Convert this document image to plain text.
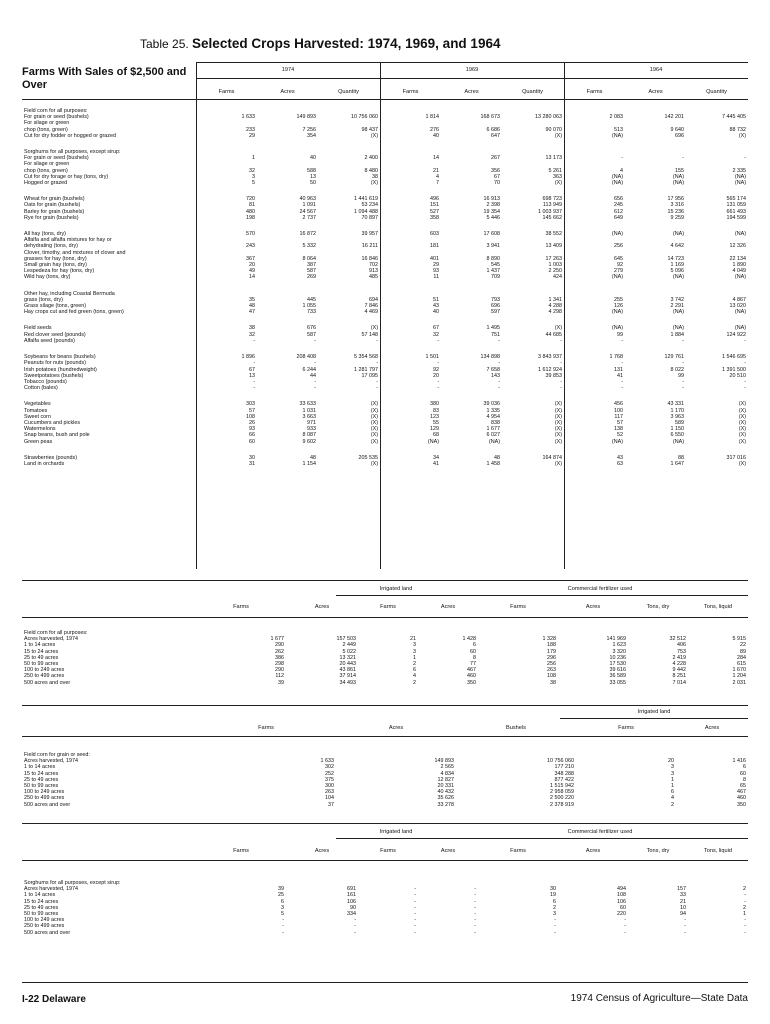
Table 25. Selected Crops Harvested: 1974, 1969, and 1964
Farms With Sales of $2,500 and Over
1974	1969	1964
Farms	Acres	Quantity	Farms	Acres	Quantity	Farms	Acres	Quantity
Field corn for all purposes:									
For grain or seed (bushels)	1 633	149 893	10 756 060	1 814	168 673	13 280 063	2 083	142 201	7 445 405
For silage or green									
chop (tons, green)	233	7 256	98 437	276	6 686	90 070	513	9 640	88 732
Cut for dry fodder or hogged or grazed	29	354	(X)	40	647	(X)	(NA)	696	(X)

Sorghums for all purposes, except sirup:									
For grain or seed (bushels)	1	40	2 400	14	267	13 173	-	-	-
For silage or green									
chop (tons, green)	32	588	8 480	21	356	5 261	4	155	2 335
Cut for dry forage or hay (tons, dry)	3	13	38	4	67	363	(NA)	(NA)	(NA)
Hogged or grazed	5	50	(X)	7	70	(X)	(NA)	(NA)	(NA)

Wheat for grain (bushels)	720	40 963	1 441 619	496	16 913	698 723	656	17 956	565 174
Oats for grain (bushels)	81	1 091	53 234	151	2 398	113 949	245	3 316	131 059
Barley for grain (bushels)	480	24 567	1 094 488	527	19 354	1 003 937	612	15 236	661 493
Rye for grain (bushels)	198	2 737	70 897	358	5 446	145 662	649	9 259	194 599

All hay (tons, dry)	570	16 872	39 957	603	17 608	38 552	(NA)	(NA)	(NA)
Alfalfa and alfalfa mixtures for hay or									
dehydrating (tons, dry)	243	5 332	16 211	181	3 941	13 409	256	4 642	12 326
Clover, timothy, and mixtures of clover and									
grasses for hay (tons, dry)	367	8 064	16 846	401	8 890	17 263	645	14 723	22 134
Small grain hay (tons, dry)	20	387	702	29	545	1 003	92	1 169	1 890
Lespedeza for hay (tons, dry)	49	587	913	93	1 437	2 250	279	5 096	4 049
Wild hay (tons, dry)	14	269	485	11	709	424	(NA)	(NA)	(NA)

Other hay, including Coastal Bermuda									
grass (tons, dry)	35	445	694	51	793	1 341	255	3 742	4 867
Grass silage (tons, green)	48	1 055	7 846	43	696	4 288	126	2 291	13 020
Hay crops cut and fed green (tons, green)	47	733	4 469	40	597	4 298	(NA)	(NA)	(NA)

Field seeds	38	676	(X)	67	1 495	(X)	(NA)	(NA)	(NA)
Red clover seed (pounds)	32	587	57 148	32	751	44 685	99	1 884	124 922
Alfalfa seed (pounds)	-	-	-	-	-	-	-	-	-

Soybeans for beans (bushels)	1 896	208 408	5 354 568	1 501	134 898	3 843 937	1 768	129 761	1 546 695
Peanuts for nuts (pounds)	-	-	-	-	-	-	-	-	-
Irish potatoes (hundredweight)	67	6 244	1 281 797	92	7 658	1 612 924	131	8 022	1 391 500
Sweetpotatoes (bushels)	13	44	17 095	20	143	39 853	41	99	20 510
Tobacco (pounds)	-	-	-	-	-	-	-	-	-
Cotton (bales)	-	-	-	-	-	-	-	-	-

Vegetables	303	33 633	(X)	380	39 036	(X)	456	43 331	(X)
Tomatoes	57	1 031	(X)	83	1 335	(X)	100	1 170	(X)
Sweet corn	108	3 663	(X)	123	4 954	(X)	117	3 963	(X)
Cucumbers and pickles	26	971	(X)	55	838	(X)	57	589	(X)
Watermelons	93	933	(X)	129	1 677	(X)	138	1 150	(X)
Snap beans, bush and pole	66	8 087	(X)	68	6 027	(X)	52	6 550	(X)
Green peas	60	9 602	(X)	(NA)	(NA)	(X)	(NA)	(NA)	(X)

Strawberries (pounds)	30	48	205 535	34	48	164 874	43	88	317 016
Land in orchards	31	1 154	(X)	41	1 458	(X)	63	1 647	(X)
Irrigated land	Commercial fertilizer used
Farms	Acres	Farms	Acres	Farms	Acres	Tons, dry	Tons, liquid
Field corn for all purposes:								
Acres harvested, 1974	1 677	157 503	21	1 428	1 328	141 969	32 512	5 915
1 to 14 acres	290	2 449	3	6	188	1 623	406	22
15 to 24 acres	262	5 022	3	60	179	3 320	753	89
25 to 49 acres	386	13 321	1	8	296	10 236	2 419	284
50 to 99 acres	298	20 443	2	77	256	17 530	4 228	615
100 to 249 acres	290	43 861	6	467	263	39 616	9 442	1 670
250 to 499 acres	112	37 914	4	460	108	36 589	8 251	1 204
500 acres and over	39	34 493	2	350	38	33 055	7 014	2 031
Irrigated land
Farms	Acres	Bushels	Farms	Acres
Field corn for grain or seed:					
Acres harvested, 1974	1 633	149 893	10 756 060	20	1 416
1 to 14 acres	302	2 565	177 210	3	6
15 to 24 acres	252	4 834	348 288	3	60
25 to 49 acres	375	12 827	877 422	1	8
50 to 99 acres	300	20 331	1 515 942	1	65
100 to 249 acres	263	40 432	2 958 059	6	467
250 to 499 acres	104	35 626	2 500 220	4	460
500 acres and over	37	33 278	2 378 919	2	350
Irrigated land	Commercial fertilizer used
Farms	Acres	Farms	Acres	Farms	Acres	Tons, dry	Tons, liquid
Sorghums for all purposes, except sirup:								
Acres harvested, 1974	39	691	-	-	30	494	157	2
1 to 14 acres	25	161	-	-	19	108	33	-
15 to 24 acres	6	106	-	-	6	106	21	-
25 to 49 acres	3	90	-	-	2	60	10	2
50 to 99 acres	5	334	-	-	3	220	94	1
100 to 249 acres	-	-	-	-	-	-	-	-
250 to 499 acres	-	-	-	-	-	-	-	-
500 acres and over	-	-	-	-	-	-	-	-
I-22 Delaware	1974 Census of Agriculture—State Data
